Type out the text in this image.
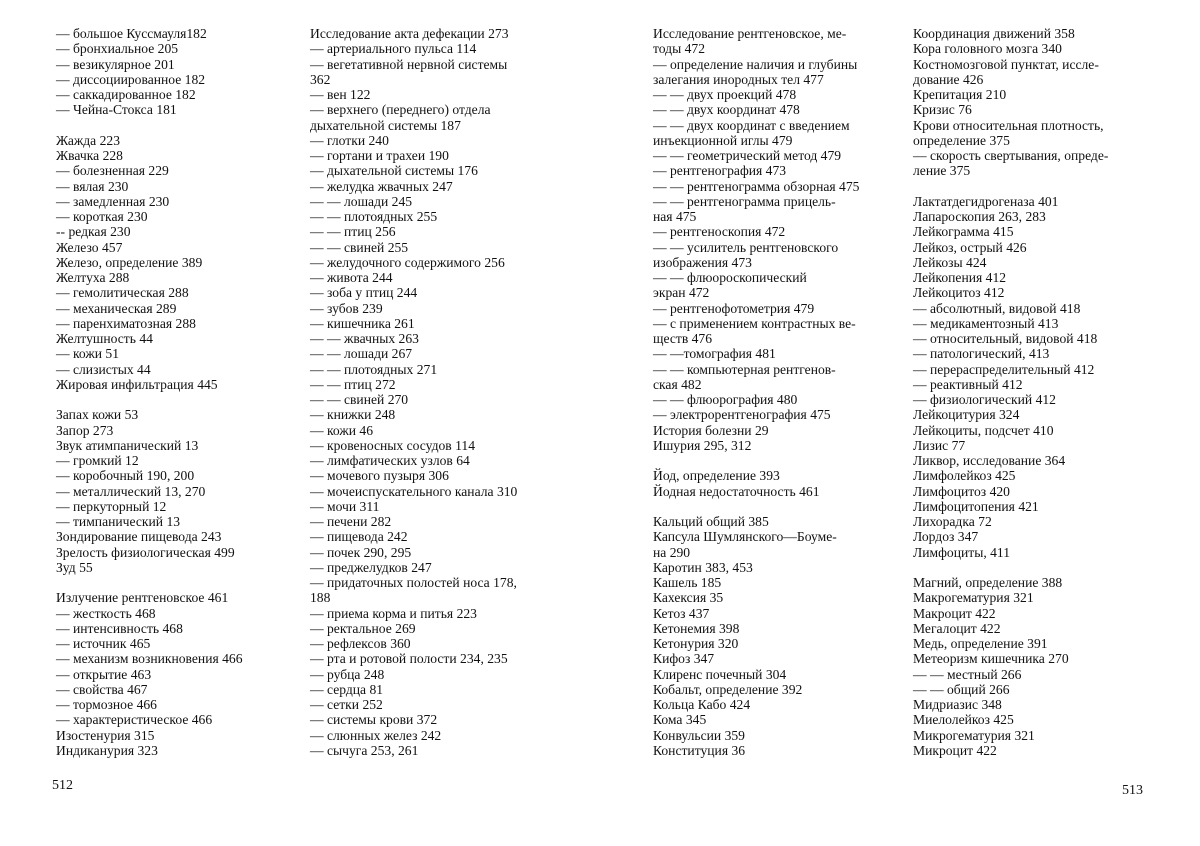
— большое Куссмауля182
— бронхиальное 205
— везикулярное 201
— диссоциированное 182
— саккадированное 182
— Чейна-Стокса 181
Жажда 223
Жвачка 228
— болезненная 229
— вялая 230
— замедленная 230
— короткая 230
-- редкая 230
Железо 457
Железо, определение 389
Желтуха 288
— гемолитическая 288
— механическая 289
— паренхиматозная 288
Желтушность 44
— кожи 51
— слизистых 44
Жировая инфильтрация 445
Запах кожи 53
Запор 273
Звук атимпанический 13
— громкий 12
— коробочный 190, 200
— металлический 13, 270
— перкуторный 12
— тимпанический 13
Зондирование пищевода 243
Зрелость физиологическая 499
Зуд 55
Излучение рентгеновское 461
— жесткость 468
— интенсивность 468
— источник 465
— механизм возникновения 466
— открытие 463
— свойства 467
— тормозное 466
— характеристическое 466
Изостенурия 315
Индиканурия 323
Исследование акта дефекации 273
— артериального пульса 114
— вегетативной нервной системы
362
— вен 122
— верхнего (переднего) отдела
дыхательной системы 187
— глотки 240
— гортани и трахеи 190
— дыхательной системы 176
— желудка жвачных 247
— — лошади 245
— — плотоядных 255
— — птиц 256
— — свиней 255
— желудочного содержимого 256
— живота 244
— зоба у птиц 244
— зубов 239
— кишечника 261
— — жвачных 263
— — лошади 267
— — плотоядных 271
— — птиц 272
— — свиней 270
— книжки 248
— кожи 46
— кровеносных сосудов 114
— лимфатических узлов 64
— мочевого пузыря 306
— мочеиспускательного канала 310
— мочи 311
— печени 282
— пищевода 242
— почек 290, 295
— преджелудков 247
— придаточных полостей носа 178,
188
— приема корма и питья 223
— ректальное 269
— рефлексов 360
— рта и ротовой полости 234, 235
— рубца 248
— сердца 81
— сетки 252
— системы крови 372
— слюнных желез 242
— сычуга 253, 261
Исследование рентгеновское, ме-
тоды 472
— определение наличия и глубины
залегания инородных тел 477
— — двух проекций 478
— — двух координат 478
— — двух координат с введением
инъекционной иглы 479
— — геометрический метод 479
— рентгенография 473
— — рентгенограмма обзорная 475
— — рентгенограмма прицель-
ная 475
— рентгеноскопия 472
— — усилитель рентгеновского
изображения 473
— — флюороскопический
экран 472
— рентгенофотометрия 479
— с применением контрастных ве-
ществ 476
— —томография 481
— — компьютерная рентгенов-
ская 482
— — флюорография 480
— электрорентгенография 475
История болезни 29
Ишурия 295, 312
Йод, определение 393
Йодная недостаточность 461
Кальций общий 385
Капсула Шумлянского—Боуме-
на 290
Каротин 383, 453
Кашель 185
Кахексия 35
Кетоз 437
Кетонемия 398
Кетонурия 320
Кифоз 347
Клиренс почечный 304
Кобальт, определение 392
Кольца Кабо 424
Кома 345
Конвульсии 359
Конституция 36
Координация движений 358
Кора головного мозга 340
Костномозговой пунктат, иссле-
дование 426
Крепитация 210
Кризис 76
Крови относительная плотность,
определение 375
— скорость свертывания, опреде-
ление 375
Лактатдегидрогеназа 401
Лапароскопия 263, 283
Лейкограмма 415
Лейкоз, острый 426
Лейкозы 424
Лейкопения 412
Лейкоцитоз 412
— абсолютный, видовой 418
— медикаментозный 413
— относительный, видовой 418
— патологический, 413
— перераспределительный 412
— реактивный 412
— физиологический 412
Лейкоцитурия 324
Лейкоциты, подсчет 410
Лизис 77
Ликвор, исследование 364
Лимфолейкоз 425
Лимфоцитоз 420
Лимфоцитопения 421
Лихорадка 72
Лордоз 347
Лимфоциты, 411
Магний, определение 388
Макрогематурия 321
Макроцит 422
Мегалоцит 422
Медь, определение 391
Метеоризм кишечника 270
— — местный 266
— — общий 266
Мидриазис 348
Миелолейкоз 425
Микрогематурия 321
Микроцит 422
512	513
